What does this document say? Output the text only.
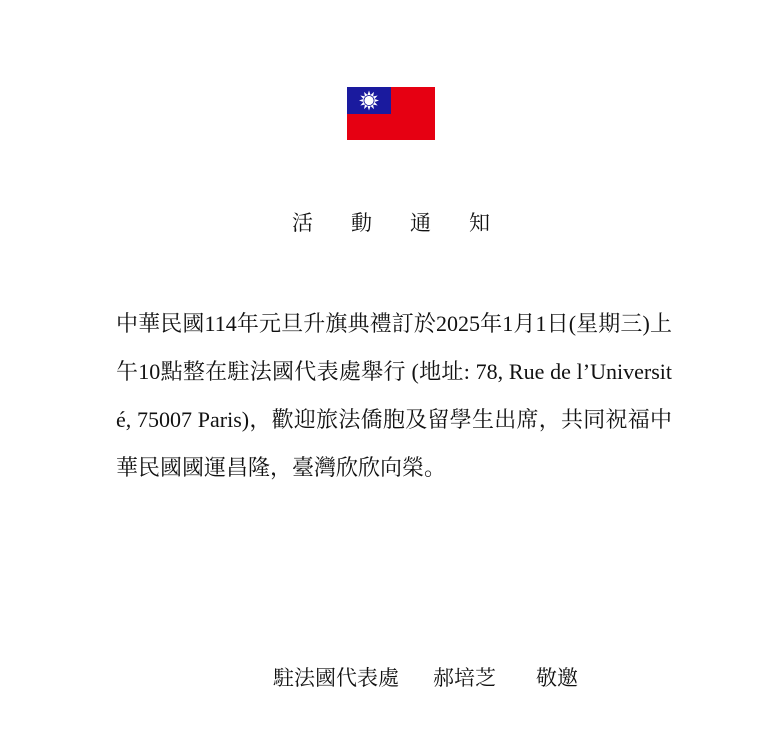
活 動 通 知
中華民國114年元旦升旗典禮訂於2025年1月1日(星期三)上午10點整在駐法國代表處舉行 (地址: 78, Rue de l’Université, 75007 Paris)，歡迎旅法僑胞及留學生出席，共同祝福中華民國國運昌隆，臺灣欣欣向榮。
駐法國代表處 郝培芝 敬邀
